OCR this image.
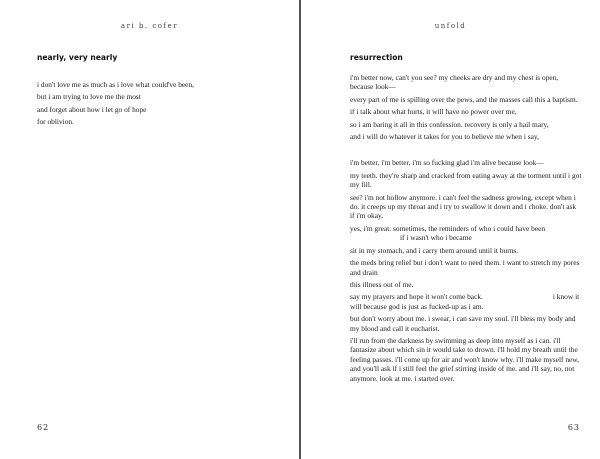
ari b. cofer
nearly, very nearly

i don't love me as much as i love what could've been,

but i am trying to love me the most

and forget about how i let go of hope

for oblivion.

62
unfold
resurrection

i'm better now, can't you see? my cheeks are dry and my chest is open, because look—

every part of me is spilling over the pews, and the masses call this a baptism.

if i talk about what hurts, it will have no power over me,

so i am baring it all in this confession. recovery is only a hail mary,

and i will do whatever it takes for you to believe me when i say,

i'm better, i'm better, i'm so fucking glad i'm alive because look—

my teeth. they're sharp and cracked from eating away at the torment until i got my fill.

see? i'm not hollow anymore. i can't feel the sadness growing, except when i do. it creeps up my throat and i try to swallow it down and i choke. don't ask if i'm okay.

yes, i'm great. sometimes, the reminders of who i could have beenif i wasn't who i became

sit in my stomach, and i carry them around until it burns.

the meds bring relief but i don't want to need them. i want to stretch my pores and drain

this illness out of me.

say my prayers and hope it won't come back.	i know it will because god is just as fucked-up as i am.

but don't worry about me. i swear, i can save my soul. i'll bless my body and my blood and call it eucharist.

i'll run from the darkness by swimming as deep into myself as i can. i'll fantasize about which sin it would take to drown. i'll hold my breath until the feeling passes. i'll come up for air and won't know why. i'll make myself new, and you'll ask if i still feel the grief stirring inside of me. and i'll say, no, not anymore. look at me. i started over.

63
